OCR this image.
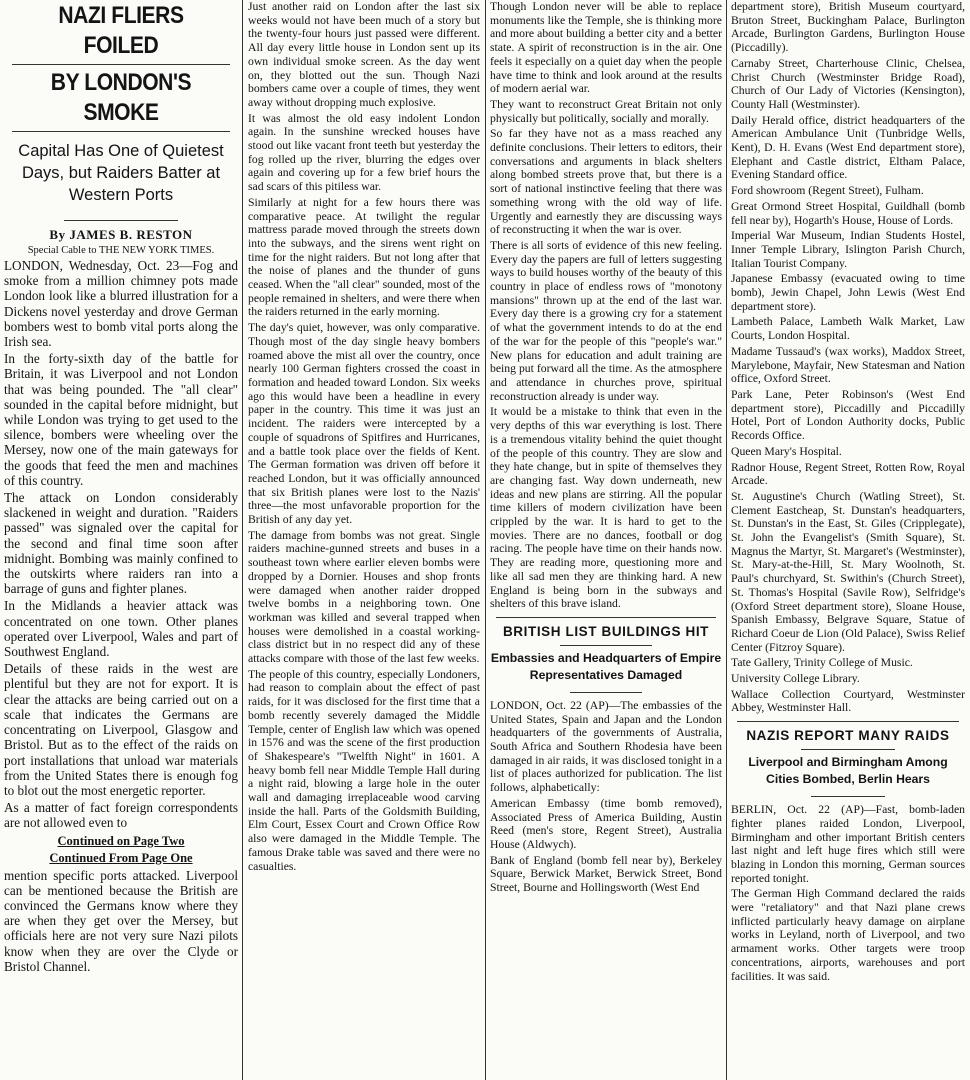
NAZI FLIERS FOILED
BY LONDON'S SMOKE
Capital Has One of Quietest Days, but Raiders Batter at Western Ports
By JAMES B. RESTON
Special Cable to THE NEW YORK TIMES.

LONDON, Wednesday, Oct. 23—Fog and smoke from a million chimney pots made London look like a blurred illustration for a Dickens novel yesterday and drove German bombers west to bomb vital ports along the Irish sea.

In the forty-sixth day of the battle for Britain, it was Liverpool and not London that was being pounded. The "all clear" sounded in the capital before midnight, but while London was trying to get used to the silence, bombers were wheeling over the Mersey, now one of the main gateways for the goods that feed the men and machines of this country.

The attack on London considerably slackened in weight and duration. "Raiders passed" was signaled over the capital for the second and final time soon after midnight. Bombing was mainly confined to the outskirts where raiders ran into a barrage of guns and fighter planes.

In the Midlands a heavier attack was concentrated on one town. Other planes operated over Liverpool, Wales and part of Southwest England.

Details of these raids in the west are plentiful but they are not for export. It is clear the attacks are being carried out on a scale that indicates the Germans are concentrating on Liverpool, Glasgow and Bristol. But as to the effect of the raids on port installations that unload war materials from the United States there is enough fog to blot out the most energetic reporter.

As a matter of fact foreign correspondents are not allowed even to

Continued on Page Two
Continued From Page One

mention specific ports attacked. Liverpool can be mentioned because the British are convinced the Germans know where they are when they get over the Mersey, but officials here are not very sure Nazi pilots know when they are over the Clyde or Bristol Channel.

Just another raid on London after the last six weeks would not have been much of a story but the twenty-four hours just passed were different. All day every little house in London sent up its own individual smoke screen. As the day went on, they blotted out the sun. Though Nazi bombers came over a couple of times, they went away without dropping much explosive.

It was almost the old easy indolent London again. In the sunshine wrecked houses have stood out like vacant front teeth but yesterday the fog rolled up the river, blurring the edges over again and covering up for a few brief hours the sad scars of this pitiless war.

Similarly at night for a few hours there was comparative peace. At twilight the regular mattress parade moved through the streets down into the subways, and the sirens went right on time for the night raiders. But not long after that the noise of planes and the thunder of guns ceased. When the "all clear" sounded, most of the people remained in shelters, and were there when the raiders returned in the early morning.

The day's quiet, however, was only comparative. Though most of the day single heavy bombers roamed above the mist all over the country, once nearly 100 German fighters crossed the coast in formation and headed toward London. Six weeks ago this would have been a headline in every paper in the country. This time it was just an incident. The raiders were intercepted by a couple of squadrons of Spitfires and Hurricanes, and a battle took place over the fields of Kent. The German formation was driven off before it reached London, but it was officially announced that six British planes were lost to the Nazis' three—the most unfavorable proportion for the British of any day yet.

The damage from bombs was not great. Single raiders machine-gunned streets and buses in a southeast town where earlier eleven bombs were dropped by a Dornier. Houses and shop fronts were damaged when another raider dropped twelve bombs in a neighboring town. One workman was killed and several trapped when houses were demolished in a coastal working-class district but in no respect did any of these attacks compare with those of the last few weeks.

The people of this country, especially Londoners, had reason to complain about the effect of past raids, for it was disclosed for the first time that a bomb recently severely damaged the Middle Temple, center of English law which was opened in 1576 and was the scene of the first production of Shakespeare's "Twelfth Night" in 1601. A heavy bomb fell near Middle Temple Hall during a night raid, blowing a large hole in the outer wall and damaging irreplaceable wood carving inside the hall. Parts of the Goldsmith Building, Elm Court, Essex Court and Crown Office Row also were damaged in the Middle Temple. The famous Drake table was saved and there were no casualties.

Though London never will be able to replace monuments like the Temple, she is thinking more and more about building a better city and a better state. A spirit of reconstruction is in the air. One feels it especially on a quiet day when the people have time to think and look around at the results of modern aerial war.

They want to reconstruct Great Britain not only physically but politically, socially and morally.

So far they have not as a mass reached any definite conclusions. Their letters to editors, their conversations and arguments in black shelters along bombed streets prove that, but there is a sort of national instinctive feeling that there was something wrong with the old way of life. Urgently and earnestly they are discussing ways of reconstructing it when the war is over.

There is all sorts of evidence of this new feeling. Every day the papers are full of letters suggesting ways to build houses worthy of the beauty of this country in place of endless rows of "monotony mansions" thrown up at the end of the last war. Every day there is a growing cry for a statement of what the government intends to do at the end of the war for the people of this "people's war." New plans for education and adult training are being put forward all the time. As the atmosphere and attendance in churches prove, spiritual reconstruction already is under way.

It would be a mistake to think that even in the very depths of this war everything is lost. There is a tremendous vitality behind the quiet thought of the people of this country. They are slow and they hate change, but in spite of themselves they are changing fast. Way down underneath, new ideas and new plans are stirring. All the popular time killers of modern civilization have been crippled by the war. It is hard to get to the movies. There are no dances, football or dog racing. The people have time on their hands now. They are reading more, questioning more and like all sad men they are thinking hard. A new England is being born in the subways and shelters of this brave island.

BRITISH LIST BUILDINGS HIT
Embassies and Headquarters of Empire Representatives Damaged

LONDON, Oct. 22 (AP)—The embassies of the United States, Spain and Japan and the London headquarters of the governments of Australia, South Africa and Southern Rhodesia have been damaged in air raids, it was disclosed tonight in a list of places authorized for publication. The list follows, alphabetically:

American Embassy (time bomb removed), Associated Press of America Building, Austin Reed (men's store, Regent Street), Australia House (Aldwych).

Bank of England (bomb fell near by), Berkeley Square, Berwick Market, Berwick Street, Bond Street, Bourne and Hollingsworth (West End

department store), British Museum courtyard, Bruton Street, Buckingham Palace, Burlington Arcade, Burlington Gardens, Burlington House (Piccadilly).

Carnaby Street, Charterhouse Clinic, Chelsea, Christ Church (Westminster Bridge Road), Church of Our Lady of Victories (Kensington), County Hall (Westminster).

Daily Herald office, district headquarters of the American Ambulance Unit (Tunbridge Wells, Kent), D. H. Evans (West End department store), Elephant and Castle district, Eltham Palace, Evening Standard office.

Ford showroom (Regent Street), Fulham.

Great Ormond Street Hospital, Guildhall (bomb fell near by), Hogarth's House, House of Lords.

Imperial War Museum, Indian Students Hostel, Inner Temple Library, Islington Parish Church, Italian Tourist Company.

Japanese Embassy (evacuated owing to time bomb), Jewin Chapel, John Lewis (West End department store).

Lambeth Palace, Lambeth Walk Market, Law Courts, London Hospital.

Madame Tussaud's (wax works), Maddox Street, Marylebone, Mayfair, New Statesman and Nation office, Oxford Street.

Park Lane, Peter Robinson's (West End department store), Piccadilly and Piccadilly Hotel, Port of London Authority docks, Public Records Office.

Queen Mary's Hospital.

Radnor House, Regent Street, Rotten Row, Royal Arcade.

St. Augustine's Church (Watling Street), St. Clement Eastcheap, St. Dunstan's headquarters, St. Dunstan's in the East, St. Giles (Cripplegate), St. John the Evangelist's (Smith Square), St. Magnus the Martyr, St. Margaret's (Westminster), St. Mary-at-the-Hill, St. Mary Woolnoth, St. Paul's churchyard, St. Swithin's (Church Street), St. Thomas's Hospital (Savile Row), Selfridge's (Oxford Street department store), Sloane House, Spanish Embassy, Belgrave Square, Statue of Richard Coeur de Lion (Old Palace), Swiss Relief Center (Fitzroy Square).

Tate Gallery, Trinity College of Music.

University College Library.

Wallace Collection Courtyard, Westminster Abbey, Westminster Hall.

NAZIS REPORT MANY RAIDS
Liverpool and Birmingham Among Cities Bombed, Berlin Hears

BERLIN, Oct. 22 (AP)—Fast, bomb-laden fighter planes raided London, Liverpool, Birmingham and other important British centers last night and left huge fires which still were blazing in London this morning, German sources reported tonight.

The German High Command declared the raids were "retaliatory" and that Nazi plane crews inflicted particularly heavy damage on airplane works in Leyland, north of Liverpool, and two armament works. Other targets were troop concentrations, airports, warehouses and port facilities. It was said.
